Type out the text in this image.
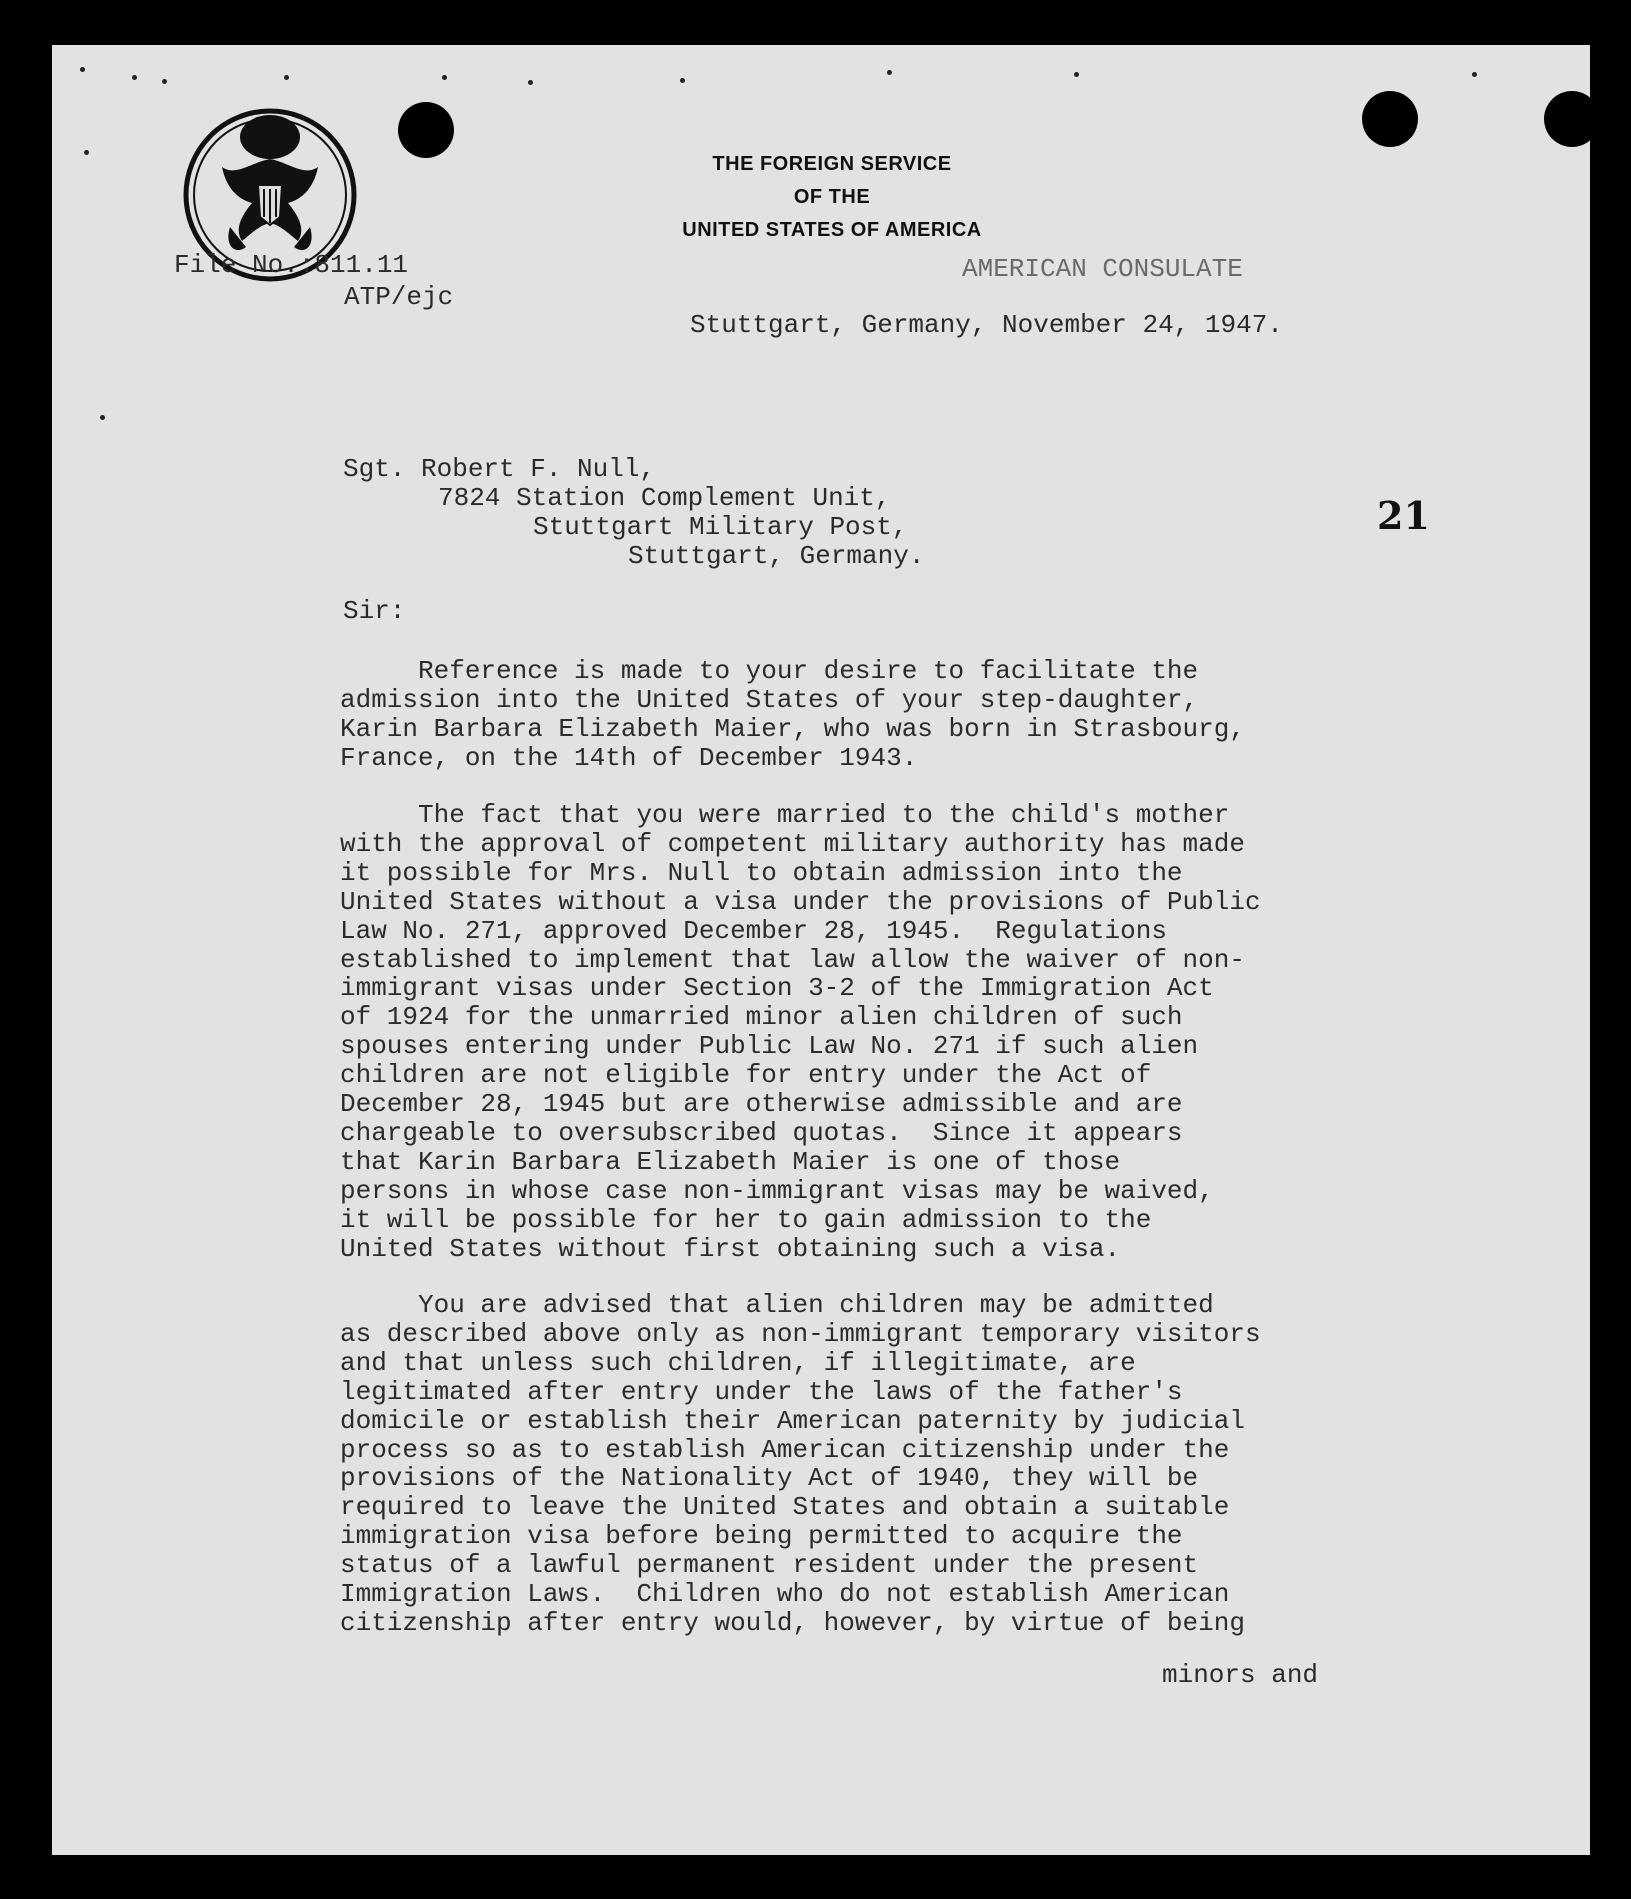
THE FOREIGN SERVICE
OF THE
UNITED STATES OF AMERICA
File No.:811.11
ATP/ejc
AMERICAN CONSULATE
Stuttgart, Germany, November 24, 1947.
Sgt. Robert F. Null,
7824 Station Complement Unit,
Stuttgart Military Post,
Stuttgart, Germany.
21
Sir:
Reference is made to your desire to facilitate the
admission into the United States of your step-daughter,
Karin Barbara Elizabeth Maier, who was born in Strasbourg,
France, on the 14th of December 1943.
The fact that you were married to the child's mother
with the approval of competent military authority has made
it possible for Mrs. Null to obtain admission into the
United States without a visa under the provisions of Public
Law No. 271, approved December 28, 1945.  Regulations
established to implement that law allow the waiver of non-
immigrant visas under Section 3-2 of the Immigration Act
of 1924 for the unmarried minor alien children of such
spouses entering under Public Law No. 271 if such alien
children are not eligible for entry under the Act of
December 28, 1945 but are otherwise admissible and are
chargeable to oversubscribed quotas.  Since it appears
that Karin Barbara Elizabeth Maier is one of those
persons in whose case non-immigrant visas may be waived,
it will be possible for her to gain admission to the
United States without first obtaining such a visa.
You are advised that alien children may be admitted
as described above only as non-immigrant temporary visitors
and that unless such children, if illegitimate, are
legitimated after entry under the laws of the father's
domicile or establish their American paternity by judicial
process so as to establish American citizenship under the
provisions of the Nationality Act of 1940, they will be
required to leave the United States and obtain a suitable
immigration visa before being permitted to acquire the
status of a lawful permanent resident under the present
Immigration Laws.  Children who do not establish American
citizenship after entry would, however, by virtue of being
minors and
